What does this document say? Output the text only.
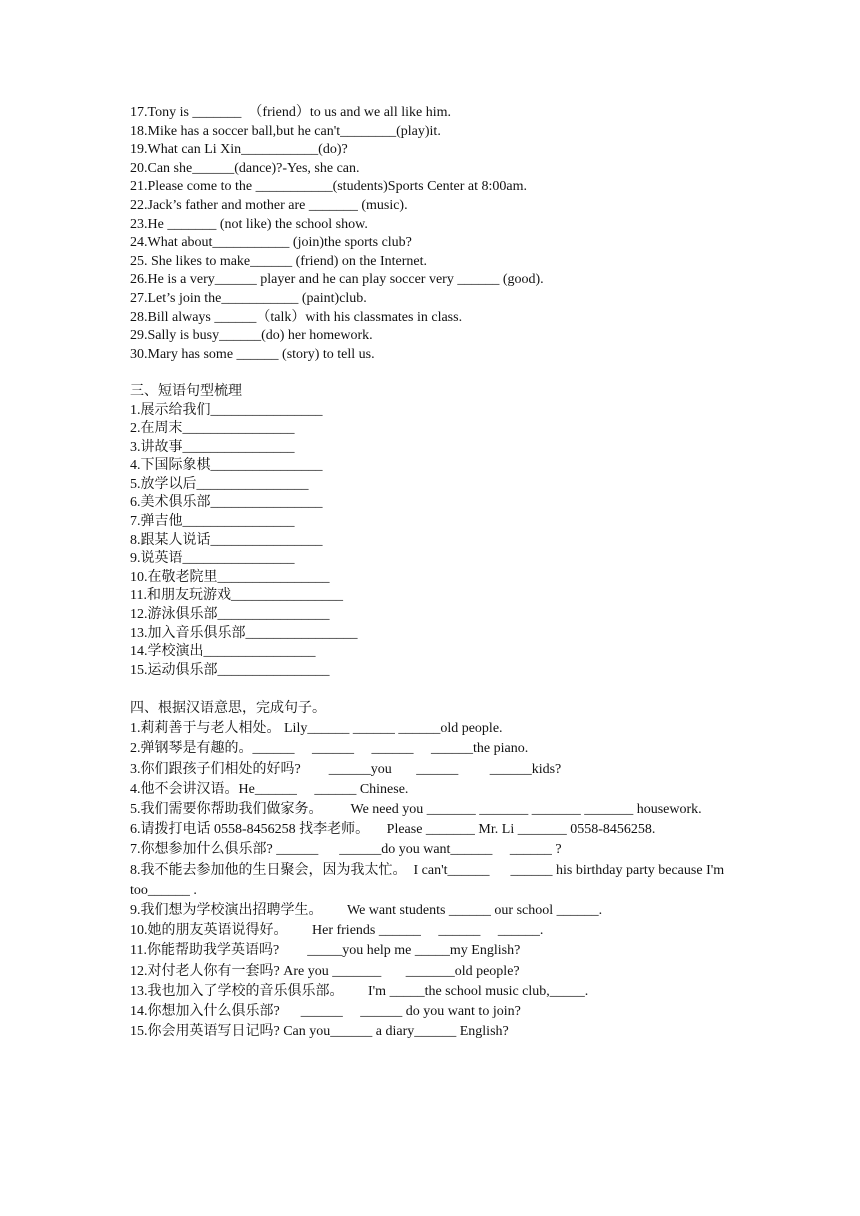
17.Tony is _______  （friend）to us and we all like him.

18.Mike has a soccer ball,but he can't________(play)it.

19.What can Li Xin___________(do)?

20.Can she______(dance)?-Yes, she can.

21.Please come to the ___________(students)Sports Center at 8:00am.

22.Jack’s father and mother are _______ (music).

23.He _______ (not like) the school show.

24.What about___________ (join)the sports club?

25. She likes to make______ (friend) on the Internet.

26.He is a very______ player and he can play soccer very ______ (good).

27.Let’s join the___________ (paint)club.

28.Bill always ______（talk）with his classmates in class.

29.Sally is busy______(do) her homework.

30.Mary has some ______ (story) to tell us.

三、短语句型梳理

1.展示给我们________________

2.在周末________________

3.讲故事________________

4.下国际象棋________________

5.放学以后________________

6.美术俱乐部________________

7.弹吉他________________

8.跟某人说话________________

9.说英语________________

10.在敬老院里________________

11.和朋友玩游戏________________

12.游泳俱乐部________________

13.加入音乐俱乐部________________

14.学校演出________________

15.运动俱乐部________________

四、根据汉语意思，完成句子。

1.莉莉善于与老人相处。 Lily______ ______ ______old people.

2.弹钢琴是有趣的。______     ______     ______     ______the piano.

3.你们跟孩子们相处的好吗?        ______you       ______         ______kids?

4.他不会讲汉语。He______     ______ Chinese.

5.我们需要你帮助我们做家务。        We need you _______ _______ _______ _______ housework.

6.请拨打电话 0558-8456258 找李老师。     Please _______ Mr. Li _______ 0558-8456258.

7.你想参加什么俱乐部? ______      ______do you want______     ______ ?

8.我不能去参加他的生日聚会，因为我太忙。  I can't______      ______ his birthday party because I'm too______ .

9.我们想为学校演出招聘学生。       We want students ______ our school ______.

10.她的朋友英语说得好。       Her friends ______     ______     ______.

11.你能帮助我学英语吗?        _____you help me _____my English?

12.对付老人你有一套吗? Are you _______       _______old people?

13.我也加入了学校的音乐俱乐部。       I'm _____the school music club,_____.

14.你想加入什么俱乐部?      ______     ______ do you want to join?

15.你会用英语写日记吗? Can you______ a diary______ English?
